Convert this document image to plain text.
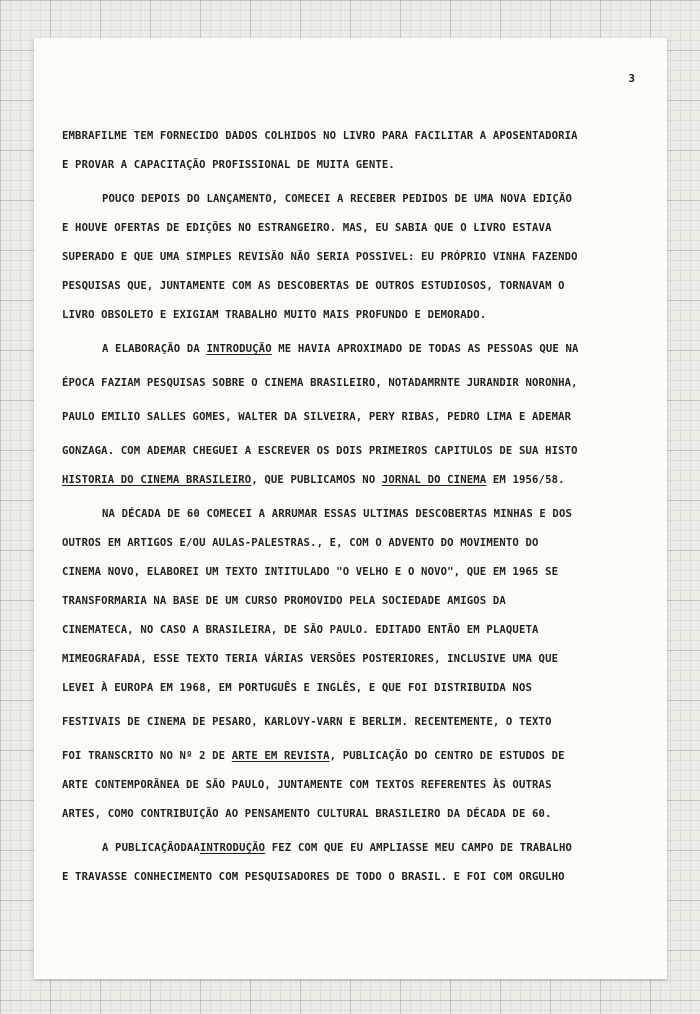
3
EMBRAFILME TEM FORNECIDO DADOS COLHIDOS NO LIVRO PARA FACILITAR A APOSENTADORIA
E PROVAR A CAPACITAÇÃO PROFISSIONAL DE MUITA GENTE.
POUCO DEPOIS DO LANÇAMENTO, COMECEI A RECEBER PEDIDOS DE UMA NOVA EDIÇÃO
E HOUVE OFERTAS DE EDIÇÕES NO ESTRANGEIRO. MAS, EU SABIA QUE O LIVRO ESTAVA
SUPERADO E QUE UMA SIMPLES REVISÃO NÃO SERIA POSSIVEL: EU PRÓPRIO VINHA FAZENDO
PESQUISAS QUE, JUNTAMENTE COM AS DESCOBERTAS DE OUTROS ESTUDIOSOS, TORNAVAM O
LIVRO OBSOLETO E EXIGIAM TRABALHO MUITO MAIS PROFUNDO E DEMORADO.
A ELABORAÇÃO DA INTRODUÇÃO ME HAVIA APROXIMADO DE TODAS AS PESSOAS QUE NA
ÉPOCA FAZIAM PESQUISAS SOBRE O CINEMA BRASILEIRO, NOTADAMRNTE JURANDIR NORONHA,
PAULO EMILIO SALLES GOMES, WALTER DA SILVEIRA, PERY RIBAS, PEDRO LIMA E ADEMAR
GONZAGA. COM ADEMAR CHEGUEI A ESCREVER OS DOIS PRIMEIROS CAPITULOS DE SUA HISTO
HISTORIA DO CINEMA BRASILEIRO, QUE PUBLICAMOS NO JORNAL DO CINEMA EM 1956/58.
NA DÉCADA DE 60 COMECEI A ARRUMAR ESSAS ULTIMAS DESCOBERTAS MINHAS E DOS
OUTROS EM ARTIGOS E/OU AULAS-PALESTRAS., E, COM O ADVENTO DO MOVIMENTO DO
CINEMA NOVO, ELABOREI UM TEXTO INTITULADO "O VELHO E O NOVO", QUE EM 1965 SE
TRANSFORMARIA NA BASE DE UM CURSO PROMOVIDO PELA SOCIEDADE AMIGOS DA
CINEMATECA, NO CASO A BRASILEIRA, DE SÃO PAULO. EDITADO ENTÃO EM PLAQUETA
MIMEOGRAFADA, ESSE TEXTO TERIA VÁRIAS VERSÕES POSTERIORES, INCLUSIVE UMA QUE
LEVEI À EUROPA EM 1968, EM PORTUGUÊS E INGLÊS, E QUE FOI DISTRIBUIDA NOS
FESTIVAIS DE CINEMA DE PESARO, KARLOVY-VARN E BERLIM. RECENTEMENTE, O TEXTO
FOI TRANSCRITO NO Nº 2 DE ARTE EM REVISTA, PUBLICAÇÃO DO CENTRO DE ESTUDOS DE
ARTE CONTEMPORÂNEA DE SÃO PAULO, JUNTAMENTE COM TEXTOS REFERENTES ÀS OUTRAS
ARTES, COMO CONTRIBUIÇÃO AO PENSAMENTO CULTURAL BRASILEIRO DA DÉCADA DE 60.
A PUBLICAÇÃODAAINTRODUÇÃO FEZ COM QUE EU AMPLIASSE MEU CAMPO DE TRABALHO
E TRAVASSE CONHECIMENTO COM PESQUISADORES DE TODO O BRASIL. E FOI COM ORGULHO
